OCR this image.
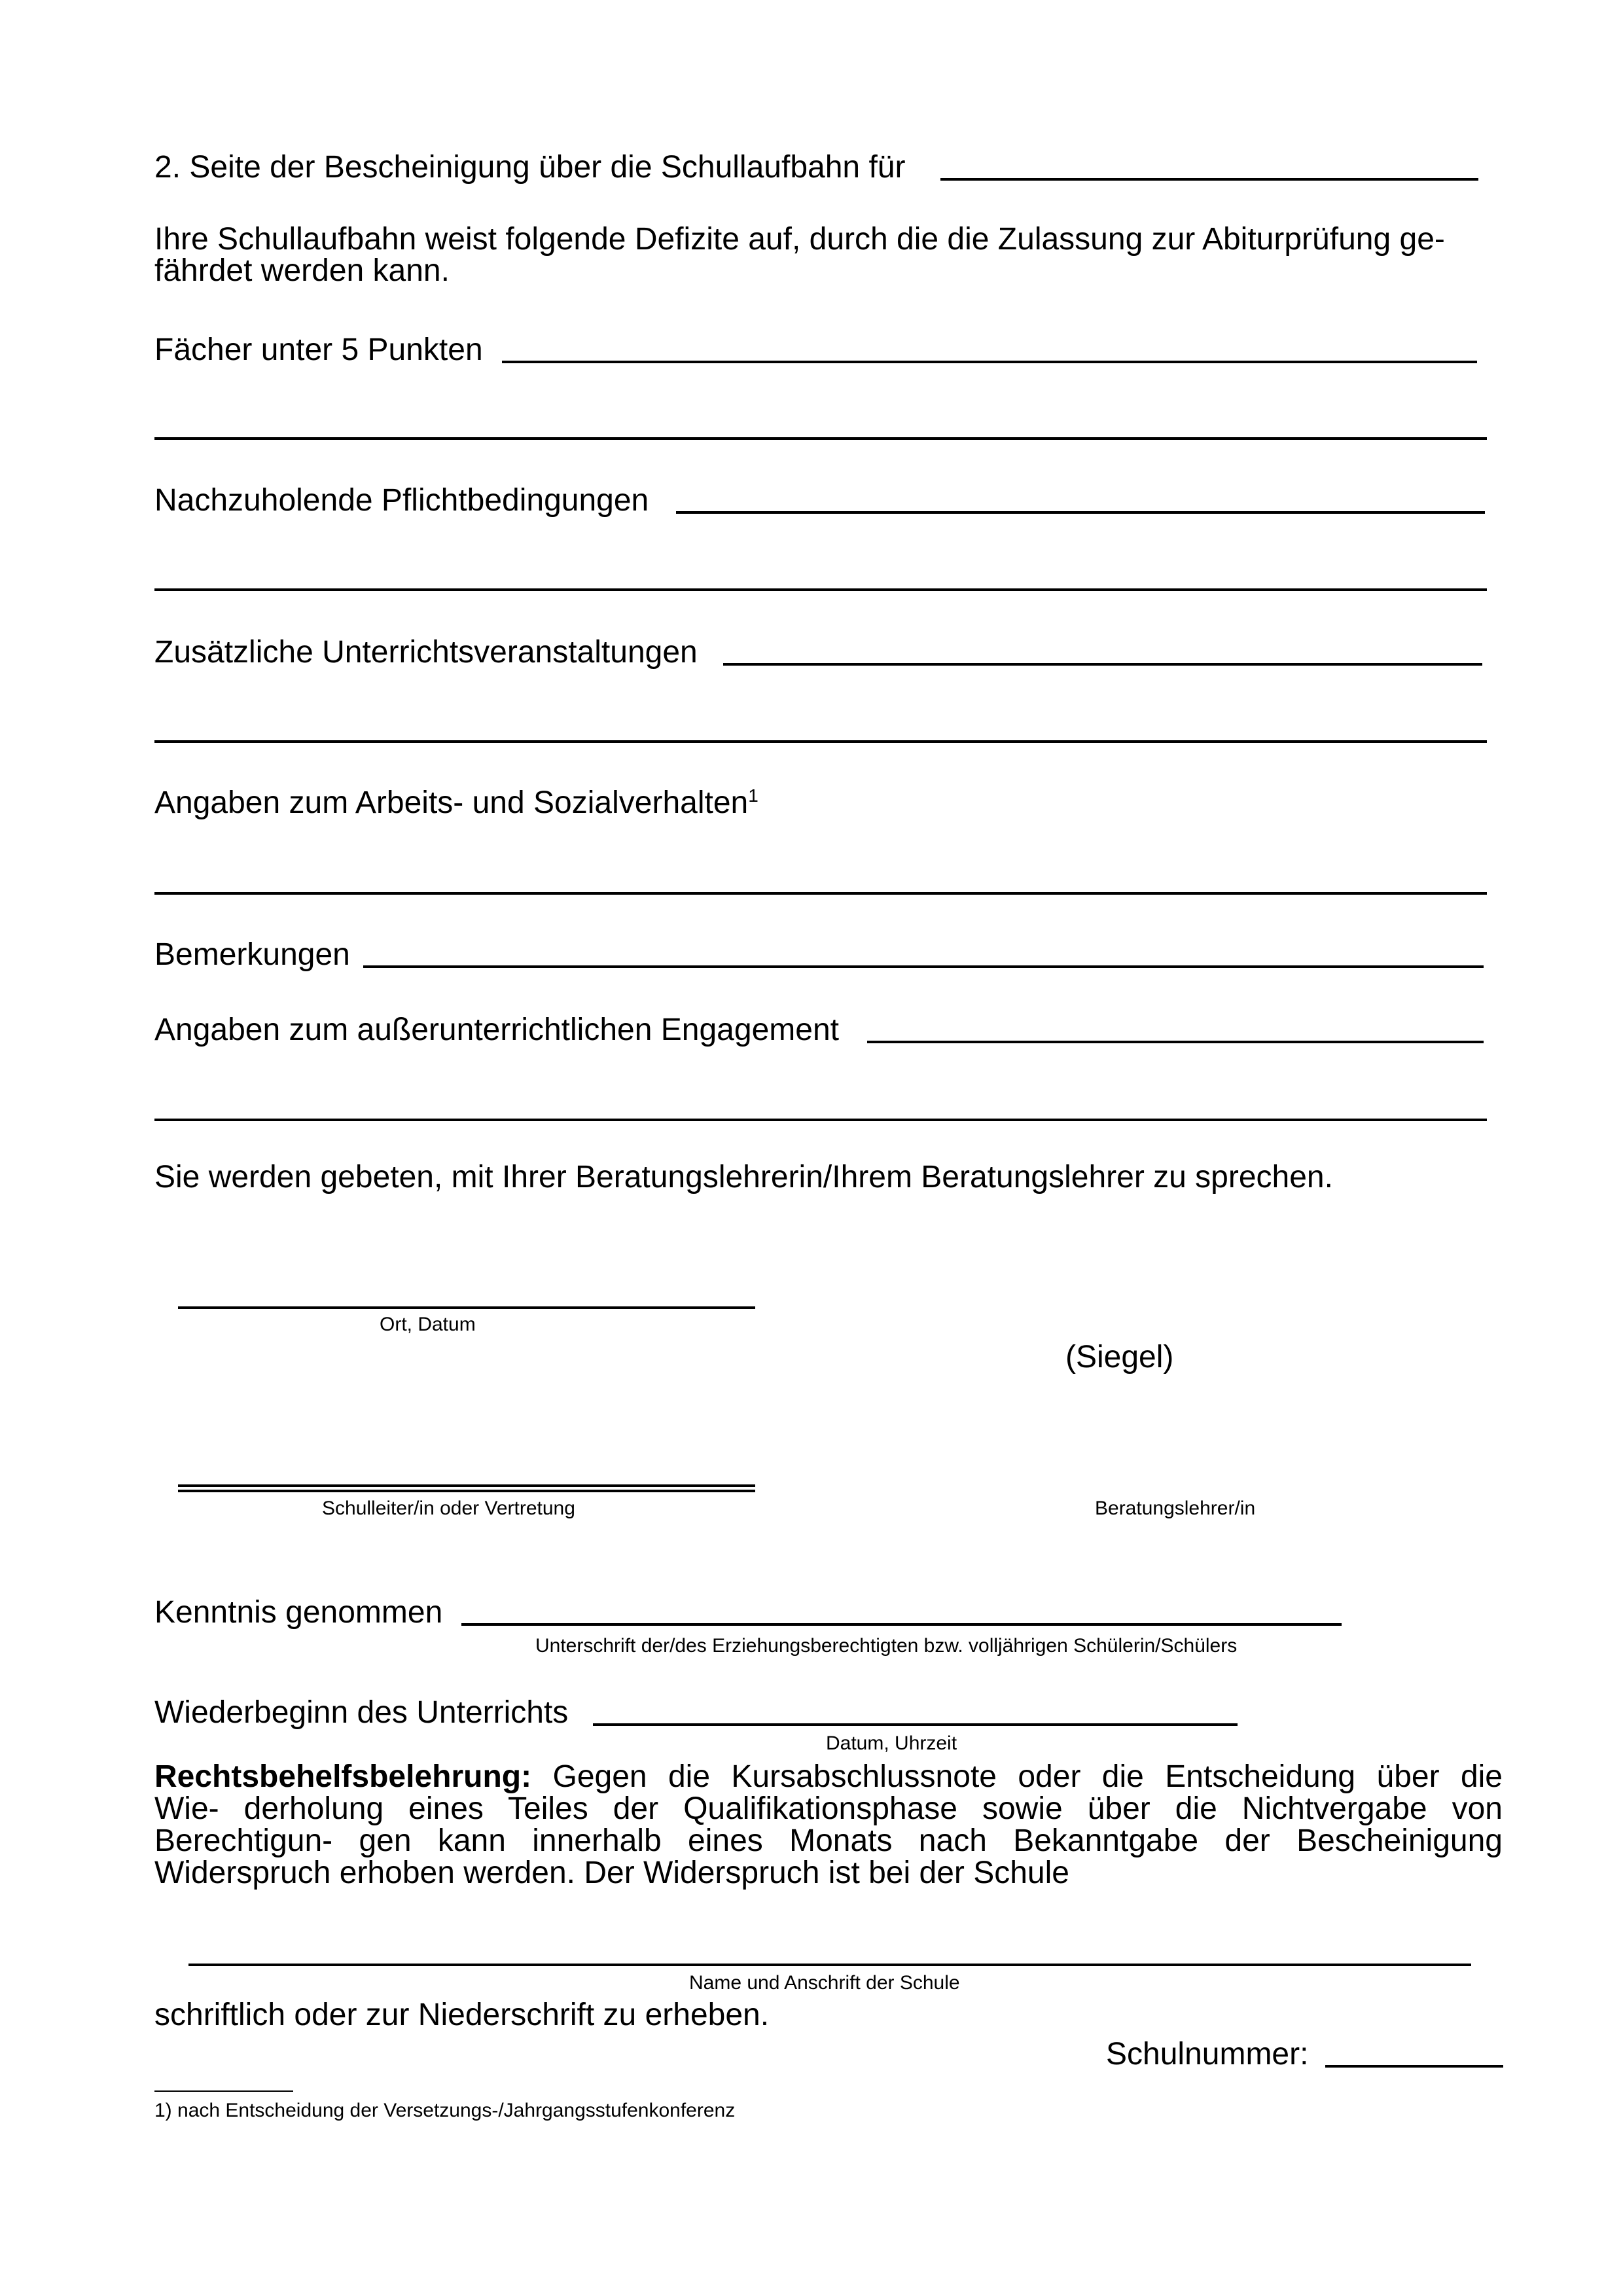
2. Seite der Bescheinigung über die Schullaufbahn für
Ihre Schullaufbahn weist folgende Defizite auf, durch die die Zulassung zur Abiturprüfung ge-
fährdet werden kann.
Fächer unter 5 Punkten
Nachzuholende Pflichtbedingungen
Zusätzliche Unterrichtsveranstaltungen
Angaben zum Arbeits- und Sozialverhalten$^1$
Bemerkungen
Angaben zum außerunterrichtlichen Engagement
Sie werden gebeten, mit Ihrer Beratungslehrerin/Ihrem Beratungslehrer zu sprechen.
Ort, Datum
(Siegel)
Schulleiter/in oder Vertretung	Beratungslehrer/in
Kenntnis genommen
Unterschrift der/des Erziehungsberechtigten bzw. volljährigen Schülerin/Schülers
Wiederbeginn des Unterrichts
Datum, Uhrzeit
Rechtsbehelfsbelehrung: Gegen die Kursabschlussnote oder die Entscheidung über die
Wie- derholung eines Teiles der Qualifikationsphase sowie über die Nichtvergabe von
Berechtigun- gen kann innerhalb eines Monats nach Bekanntgabe der Bescheinigung
Widerspruch erhoben werden. Der Widerspruch ist bei der Schule
Name und Anschrift der Schule
schriftlich oder zur Niederschrift zu erheben.
Schulnummer:
1) nach Entscheidung der Versetzungs-/Jahrgangsstufenkonferenz
